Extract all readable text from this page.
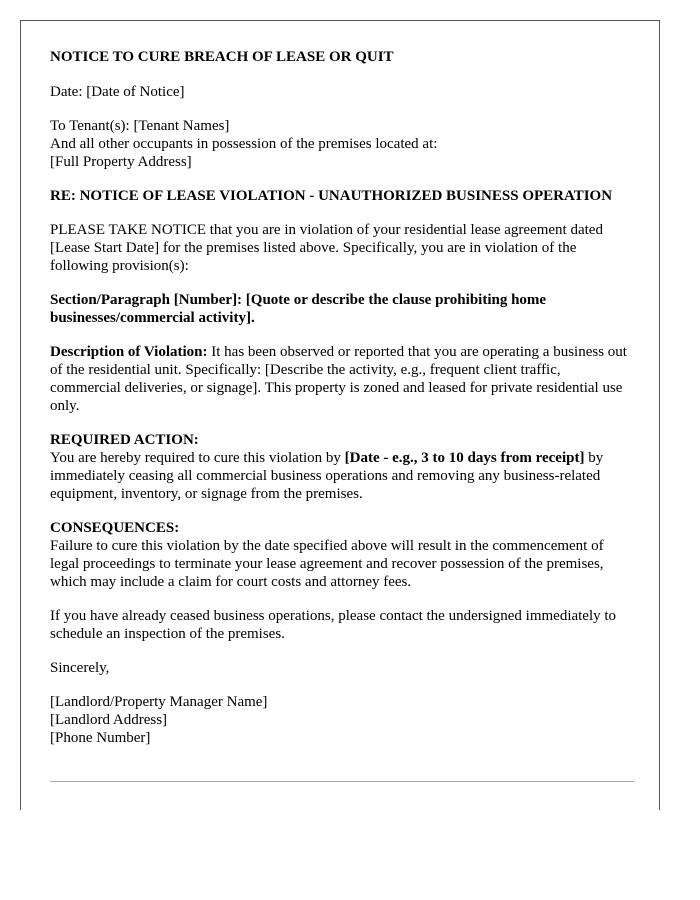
NOTICE TO CURE BREACH OF LEASE OR QUIT

Date: [Date of Notice]

To Tenant(s): [Tenant Names]
And all other occupants in possession of the premises located at:
[Full Property Address]
RE: NOTICE OF LEASE VIOLATION - UNAUTHORIZED BUSINESS OPERATION

PLEASE TAKE NOTICE that you are in violation of your residential lease agreement dated [Lease Start Date] for the premises listed above. Specifically, you are in violation of the following provision(s):

Section/Paragraph [Number]: [Quote or describe the clause prohibiting home businesses/commercial activity].

Description of Violation: It has been observed or reported that you are operating a business out of the residential unit. Specifically: [Describe the activity, e.g., frequent client traffic, commercial deliveries, or signage]. This property is zoned and leased for private residential use only.

REQUIRED ACTION:
You are hereby required to cure this violation by [Date - e.g., 3 to 10 days from receipt] by immediately ceasing all commercial business operations and removing any business-related equipment, inventory, or signage from the premises.
CONSEQUENCES:
Failure to cure this violation by the date specified above will result in the commencement of legal proceedings to terminate your lease agreement and recover possession of the premises, which may include a claim for court costs and attorney fees.

If you have already ceased business operations, please contact the undersigned immediately to schedule an inspection of the premises.

Sincerely,

[Landlord/Property Manager Name]

[Landlord Address]

[Phone Number]
